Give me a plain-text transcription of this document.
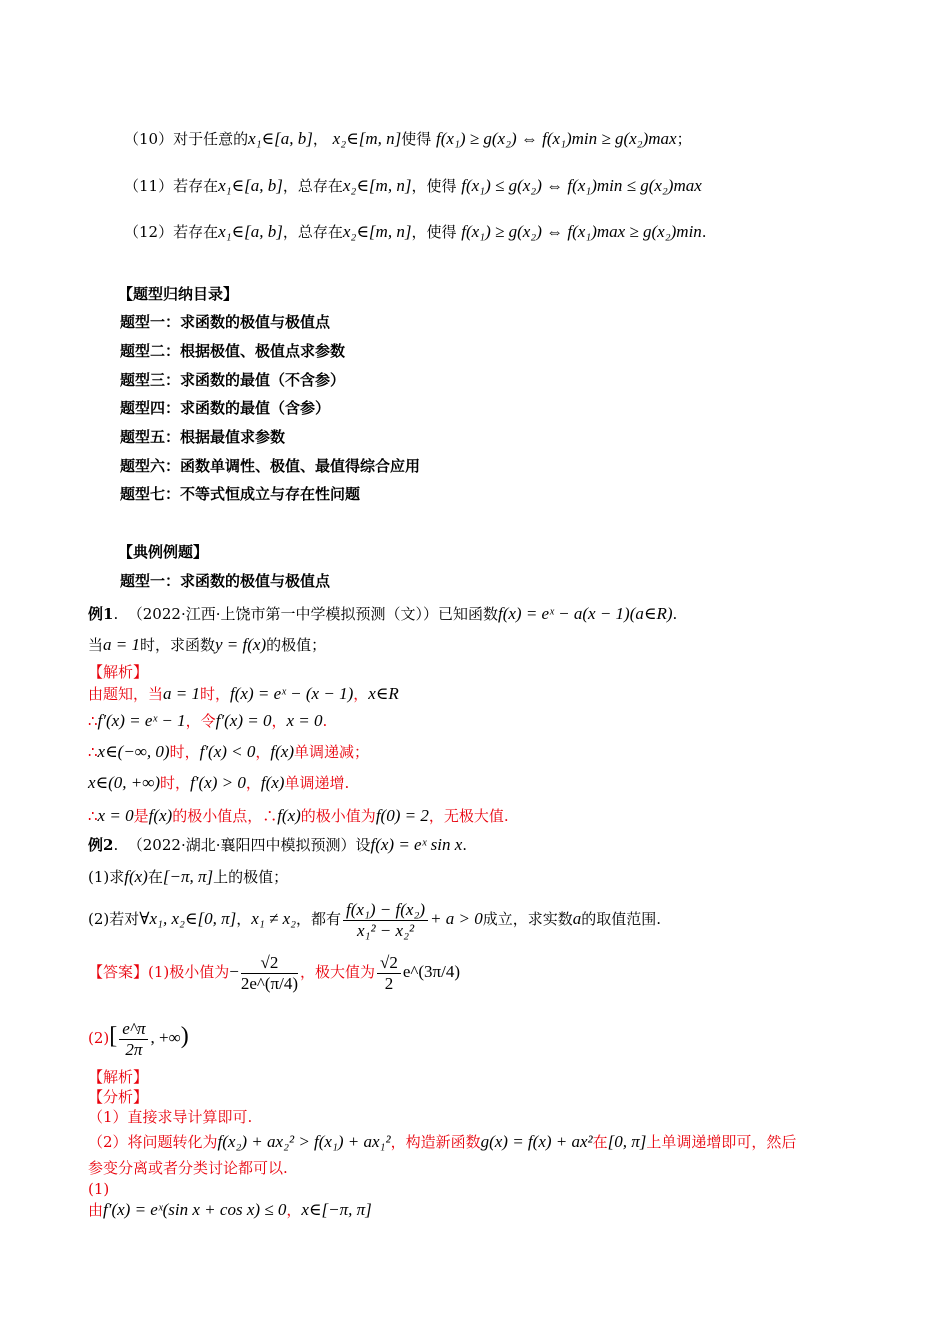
（10）对于任意的x₁∈[a, b]， x₂∈[m, n]使得 f(x₁) ≥ g(x₂) ⇔ f(x₁)min ≥ g(x₂)max；
（11）若存在x₁∈[a, b]，总存在x₂∈[m, n]，使得 f(x₁) ≤ g(x₂) ⇔ f(x₁)min ≤ g(x₂)max
（12）若存在x₁∈[a, b]，总存在x₂∈[m, n]，使得 f(x₁) ≥ g(x₂) ⇔ f(x₁)max ≥ g(x₂)min.
【题型归纳目录】
题型一：求函数的极值与极值点
题型二：根据极值、极值点求参数
题型三：求函数的最值（不含参）
题型四：求函数的最值（含参）
题型五：根据最值求参数
题型六：函数单调性、极值、最值得综合应用
题型七：不等式恒成立与存在性问题
【典例例题】
题型一：求函数的极值与极值点
例1. （2022·江西·上饶市第一中学模拟预测（文））已知函数f(x) = eˣ − a(x − 1)(a∈R).
当a = 1时，求函数y = f(x)的极值；
【解析】
由题知，当a = 1时，f(x) = eˣ − (x − 1)，x∈R
∴f′(x) = eˣ − 1，令f′(x) = 0，x = 0.
∴x∈(−∞, 0)时，f′(x) < 0，f(x)单调递减；
x∈(0, +∞)时，f′(x) > 0，f(x)单调递增.
∴x = 0是f(x)的极小值点，∴f(x)的极小值为f(0) = 2，无极大值.
例2. （2022·湖北·襄阳四中模拟预测）设f(x) = eˣ sin x.
(1)求f(x)在[−π, π]上的极值；
(2)若对∀x₁, x₂∈[0, π]，x₁ ≠ x₂，都有 $\frac{\text{f(x₁) − f(x₂)}}{\text{x₁² − x₂²}} + a > 0$成立，求实数a的取值范围.
【答案】(1)极小值为− $\frac{√2}{2e\^{}(\pi/4)}$ ，极大值为 $\frac{√2}{2}$ e^(3π/4)
$(2)[ \frac{e\^{}\pi}{2\pi}$ , +∞)
【解析】
【分析】
（1）直接求导计算即可.
（2）将问题转化为f(x₂) + ax₂² > f(x₁) + ax₁²，构造新函数g(x) = f(x) + ax²在[0, π]上单调递增即可，然后
参变分离或者分类讨论都可以.
(1)
由f′(x) = eˣ(sin x + cos x) ≤ 0，x∈[−π, π]
